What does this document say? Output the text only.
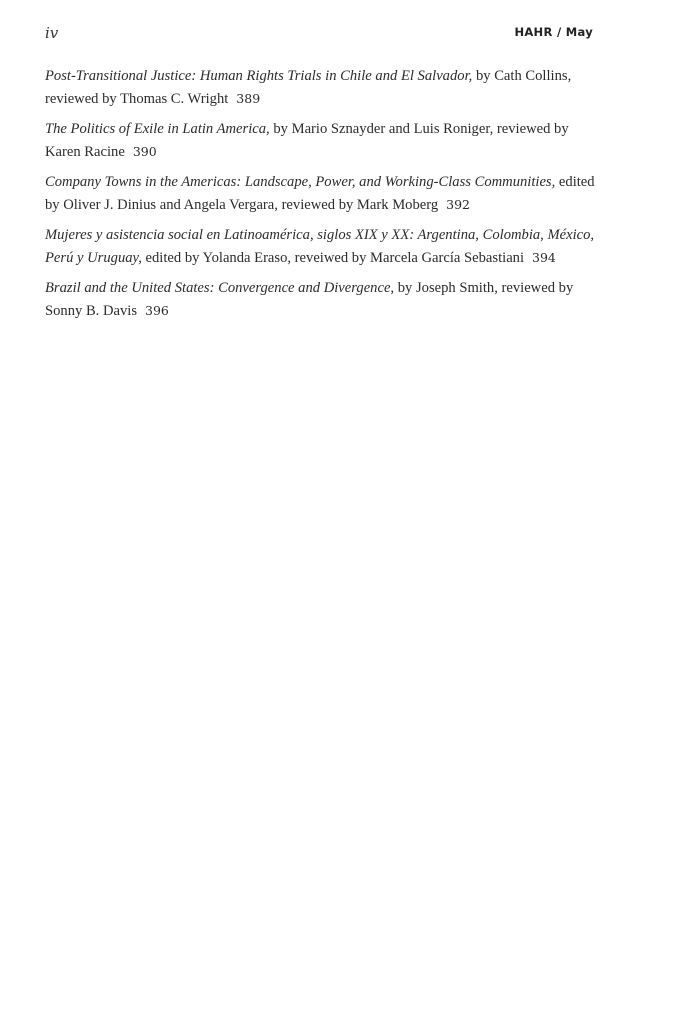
iv	HAHR / May

Post-Transitional Justice: Human Rights Trials in Chile and El Salvador, by Cath Collins, reviewed by Thomas C. Wright 389

The Politics of Exile in Latin America, by Mario Sznayder and Luis Roniger, reviewed by Karen Racine 390

Company Towns in the Americas: Landscape, Power, and Working-Class Communities, edited by Oliver J. Dinius and Angela Vergara, reviewed by Mark Moberg 392

Mujeres y asistencia social en Latinoamérica, siglos XIX y XX: Argentina, Colombia, México, Perú y Uruguay, edited by Yolanda Eraso, reveiwed by Marcela García Sebastiani 394

Brazil and the United States: Convergence and Divergence, by Joseph Smith, reviewed by Sonny B. Davis 396
